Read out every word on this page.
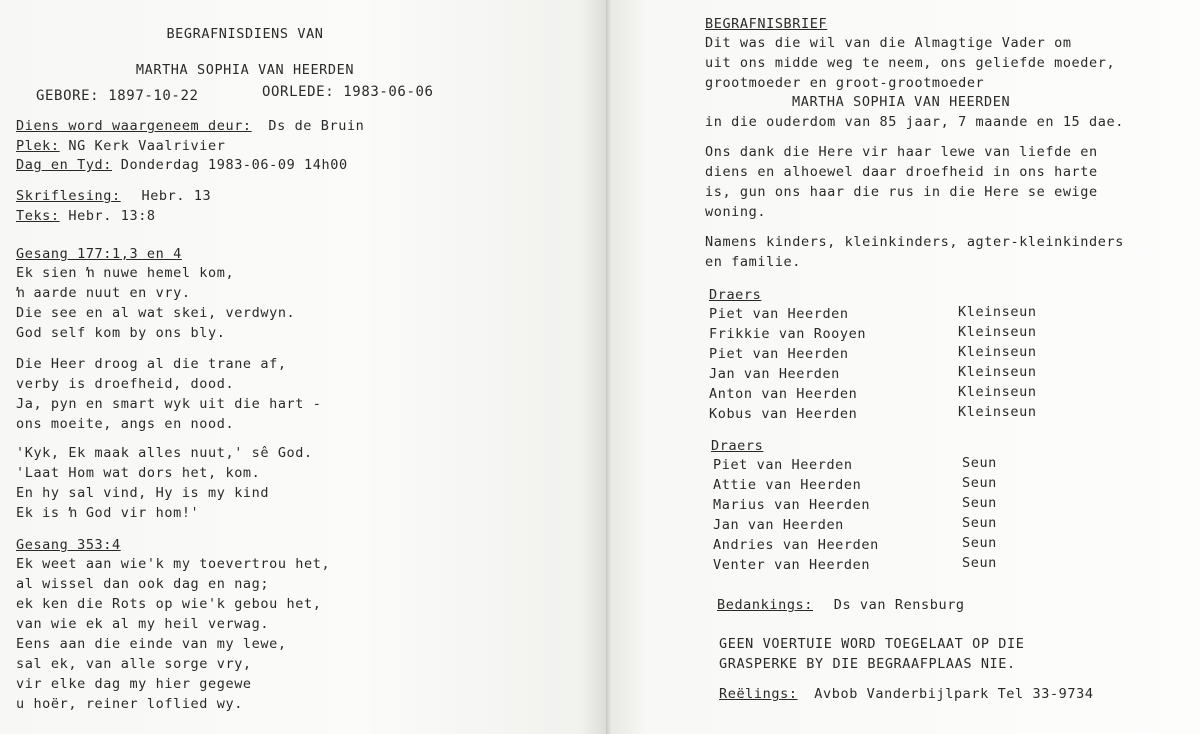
BEGRAFNISDIENS VAN
MARTHA SOPHIA VAN HEERDEN
GEBORE: 1897-10-22	OORLEDE: 1983-06-06
Diens word waargeneem deur: Ds de Bruin
Plek: NG Kerk Vaalrivier
Dag en Tyd: Donderdag 1983-06-09 14h00
Skriflesing: Hebr. 13
Teks: Hebr. 13:8
Gesang 177:1,3 en 4
Ek sien ŉ nuwe hemel kom,
ŉ aarde nuut en vry.
Die see en al wat skei, verdwyn.
God self kom by ons bly.
Die Heer droog al die trane af,
verby is droefheid, dood.
Ja, pyn en smart wyk uit die hart -
ons moeite, angs en nood.
'Kyk, Ek maak alles nuut,' sê God.
'Laat Hom wat dors het, kom.
En hy sal vind, Hy is my kind
Ek is ŉ God vir hom!'
Gesang 353:4
Ek weet aan wie'k my toevertrou het,
al wissel dan ook dag en nag;
ek ken die Rots op wie'k gebou het,
van wie ek al my heil verwag.
Eens aan die einde van my lewe,
sal ek, van alle sorge vry,
vir elke dag my hier gegewe
u hoër, reiner loflied wy.
BEGRAFNISBRIEF
Dit was die wil van die Almagtige Vader om
uit ons midde weg te neem, ons geliefde moeder,
grootmoeder en groot-grootmoeder
MARTHA SOPHIA VAN HEERDEN
in die ouderdom van 85 jaar, 7 maande en 15 dae.
Ons dank die Here vir haar lewe van liefde en
diens en alhoewel daar droefheid in ons harte
is, gun ons haar die rus in die Here se ewige
woning.
Namens kinders, kleinkinders, agter-kleinkinders
en familie.
Draers
Piet van Heerden	Kleinseun
Frikkie van Rooyen	Kleinseun
Piet van Heerden	Kleinseun
Jan van Heerden	Kleinseun
Anton van Heerden	Kleinseun
Kobus van Heerden	Kleinseun
Draers
Piet van Heerden	Seun
Attie van Heerden	Seun
Marius van Heerden	Seun
Jan van Heerden	Seun
Andries van Heerden	Seun
Venter van Heerden	Seun
Bedankings: Ds van Rensburg
GEEN VOERTUIE WORD TOEGELAAT OP DIE
GRASPERKE BY DIE BEGRAAFPLAAS NIE.
Reëlings: Avbob Vanderbijlpark Tel 33-9734
